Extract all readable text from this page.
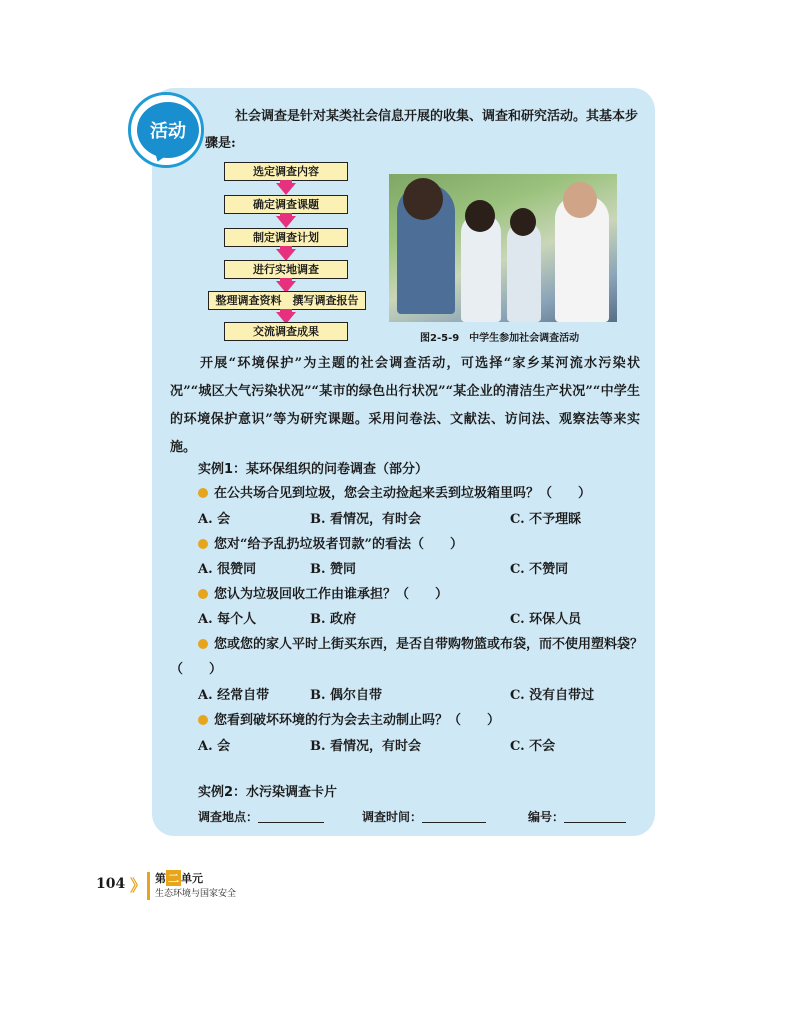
活动
社会调查是针对某类社会信息开展的收集、调查和研究活动。其基本步骤是:
选定调查内容
确定调查课题
制定调查计划
进行实地调查
整理调查资料　撰写调查报告
交流调查成果
图2-5-9　中学生参加社会调查活动
开展“环境保护”为主题的社会调查活动，可选择“家乡某河流水污染状况”“城区大气污染状况”“某市的绿色出行状况”“某企业的清洁生产状况”“中学生的环境保护意识”等为研究课题。采用问卷法、文献法、访问法、观察法等来实施。
实例1：某环保组织的问卷调查（部分）
在公共场合见到垃圾，您会主动捡起来丢到垃圾箱里吗？（　　）
A. 会	B. 看情况，有时会	C. 不予理睬
您对“给予乱扔垃圾者罚款”的看法（　　）
A. 很赞同	B. 赞同	C. 不赞同
您认为垃圾回收工作由谁承担？（　　）
A. 每个人	B. 政府	C. 环保人员
您或您的家人平时上街买东西，是否自带购物篮或布袋，而不使用塑料袋？
（　　）
A. 经常自带	B. 偶尔自带	C. 没有自带过
您看到破坏环境的行为会去主动制止吗？（　　）
A. 会	B. 看情况，有时会	C. 不会
实例2：水污染调查卡片
调查地点：	调查时间：	编号：
104 》 第 二 单元
生态环境与国家安全
